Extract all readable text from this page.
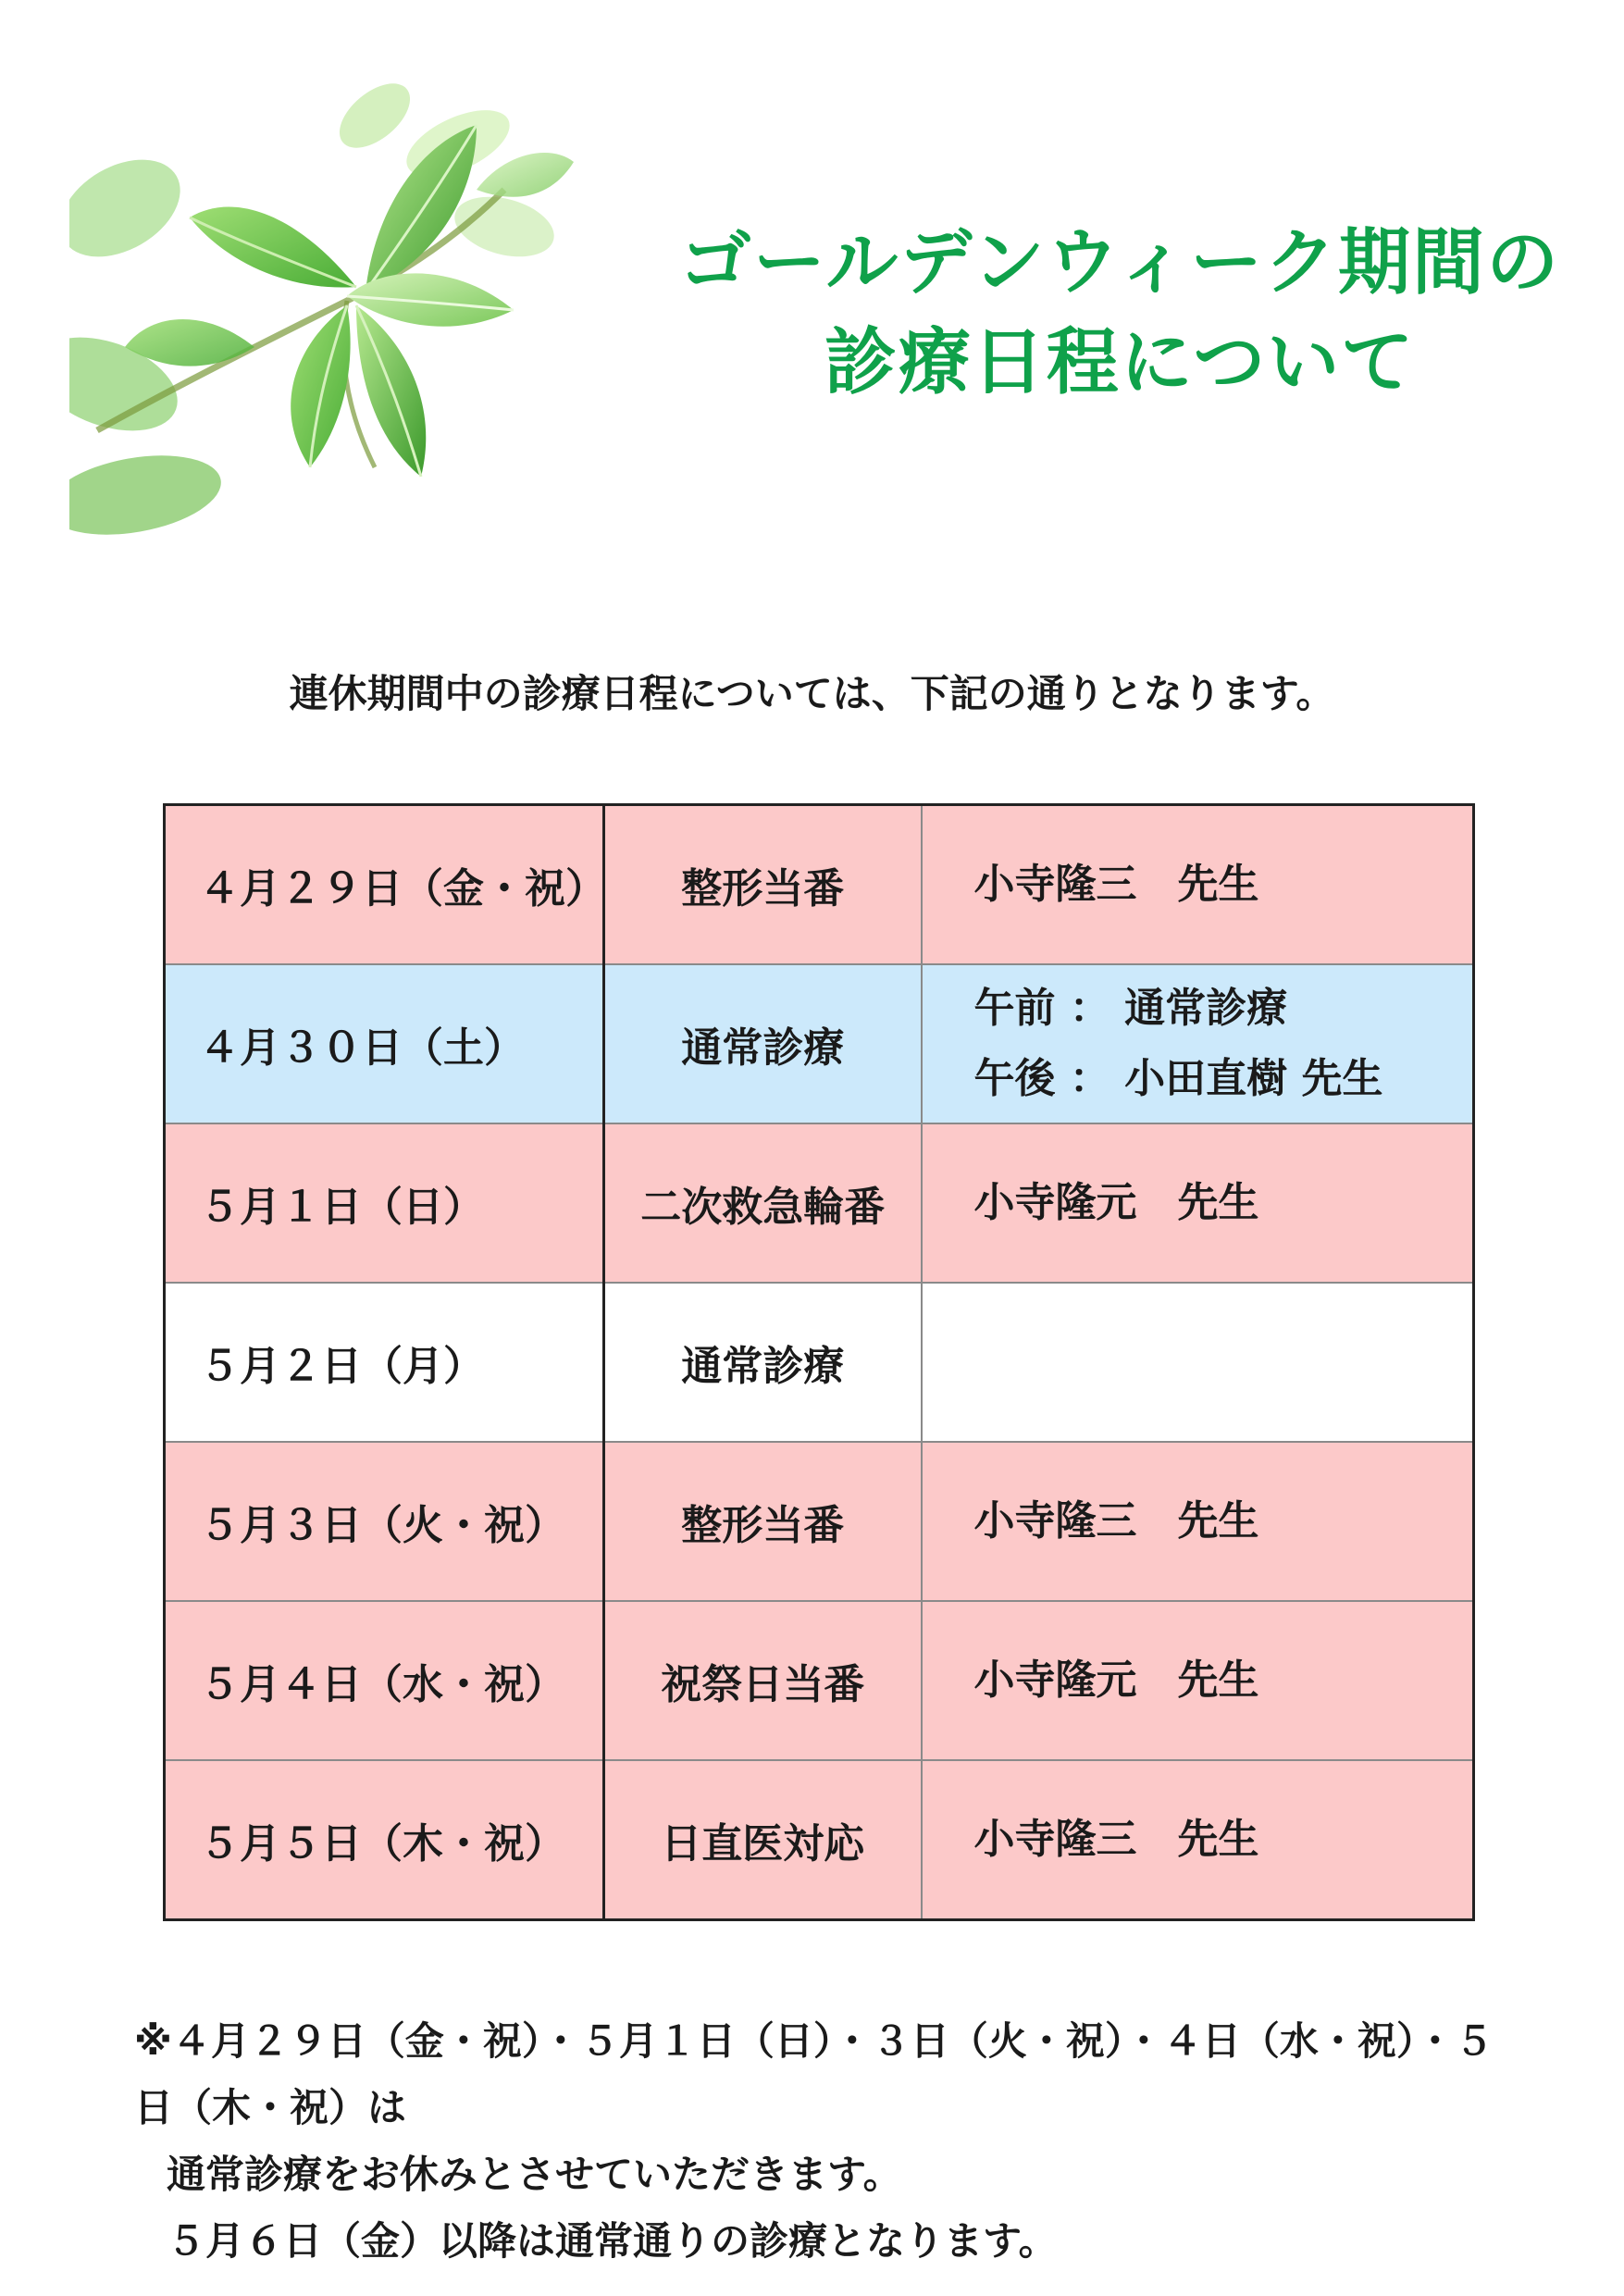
ゴールデンウィーク期間の
診療日程について
連休期間中の診療日程については、下記の通りとなります。
４月２９日（金・祝）	整形当番	小寺隆三　先生

４月３０日（土）	通常診療	午前 ： 通常診療
午後 ： 小田直樹 先生

５月１日（日）	二次救急輪番	小寺隆元　先生

５月２日（月）	通常診療	
５月３日（火・祝）	整形当番	小寺隆三　先生

５月４日（水・祝）	祝祭日当番	小寺隆元　先生

５月５日（木・祝）	日直医対応	小寺隆三　先生
※４月２９日（金・祝）・５月１日（日）・３日（火・祝）・４日（水・祝）・５日（木・祝）は
通常診療をお休みとさせていただきます。
５月６日（金）以降は通常通りの診療となります。
